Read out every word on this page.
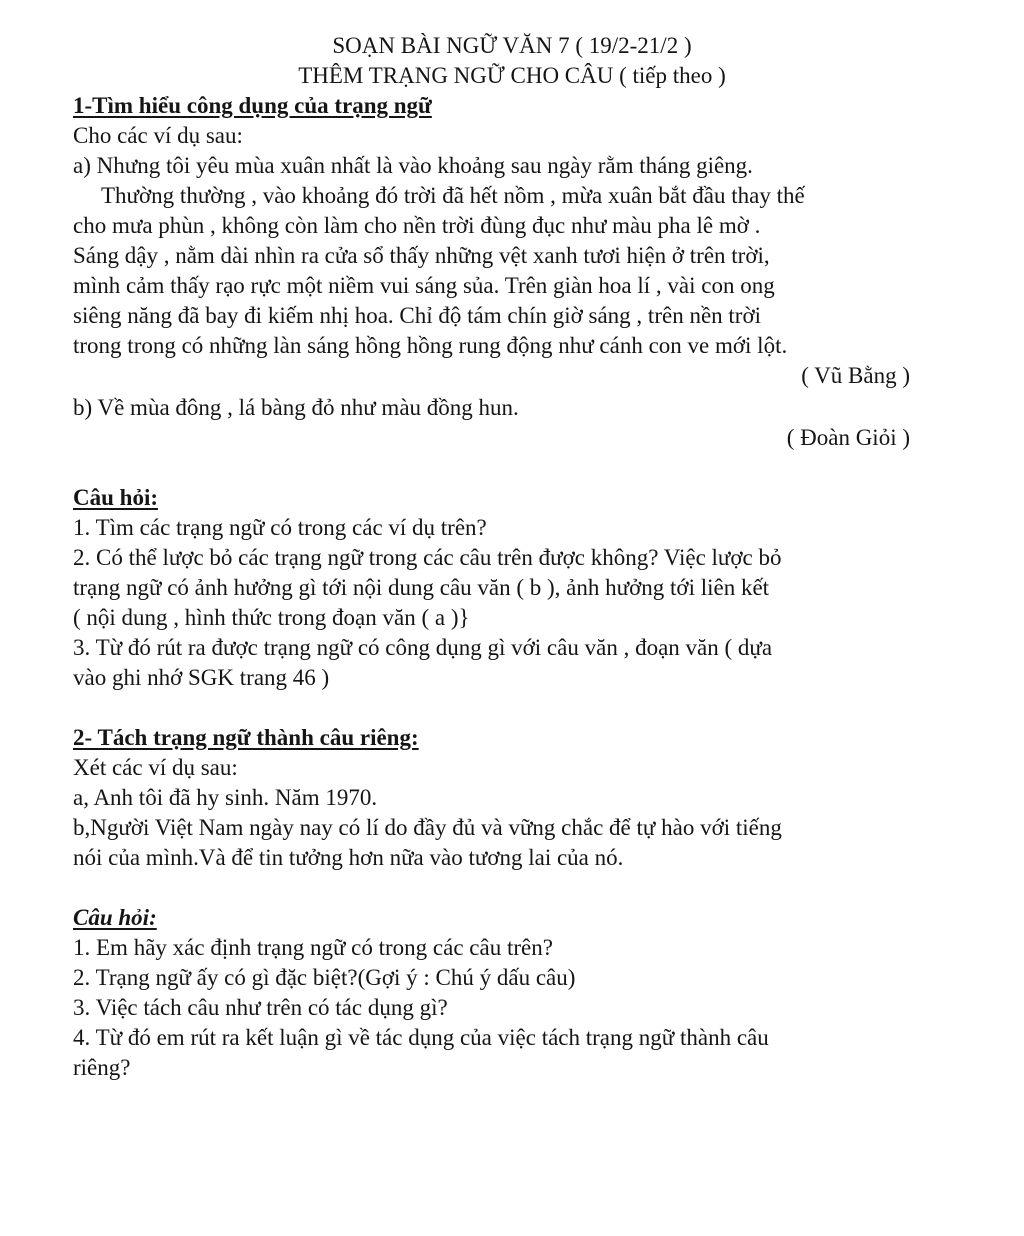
SOẠN BÀI NGỮ VĂN 7 ( 19/2-21/2 )
THÊM TRẠNG NGỮ CHO CÂU ( tiếp theo )
1-Tìm hiểu công dụng của trạng ngữ
Cho các ví dụ sau:
a) Nhưng tôi yêu mùa xuân nhất là vào khoảng sau ngày rằm tháng giêng.
Thường thường , vào khoảng đó trời đã hết nồm , mừa xuân bắt đầu thay thế
cho mưa phùn , không còn làm cho nền trời đùng đục như màu pha lê mờ .
Sáng dậy , nằm dài nhìn ra cửa sổ thấy những vệt xanh tươi hiện ở trên trời,
mình cảm thấy rạo rực một niềm vui sáng sủa. Trên giàn hoa lí , vài con ong
siêng năng đã bay đi kiếm nhị hoa. Chỉ độ tám chín giờ sáng , trên nền trời
trong trong có những làn sáng hồng hồng rung động như cánh con ve mới lột.
( Vũ Bằng )
b) Về mùa đông , lá bàng đỏ như màu đồng hun.
( Đoàn Giỏi )
Câu hỏi:
1. Tìm các trạng ngữ có trong các ví dụ trên?
2. Có thể lược bỏ các trạng ngữ trong các câu trên được không? Việc lược bỏ
trạng ngữ có ảnh hưởng gì tới nội dung câu văn ( b ), ảnh hưởng tới liên kết
( nội dung , hình thức trong đoạn văn ( a )}
3. Từ đó rút ra được trạng ngữ có công dụng gì với câu văn , đoạn văn ( dựa
vào ghi nhớ SGK trang 46 )
2- Tách trạng ngữ thành câu riêng:
Xét các ví dụ sau:
a, Anh tôi đã hy sinh. Năm 1970.
b,Người Việt Nam ngày nay có lí do đầy đủ và vững chắc để tự hào với tiếng
nói của mình.Và để tin tưởng hơn nữa vào tương lai của nó.
Câu hỏi:
1. Em hãy xác định trạng ngữ có trong các câu trên?
2. Trạng ngữ ấy có gì đặc biệt?(Gợi ý : Chú ý dấu câu)
3. Việc tách câu như trên có tác dụng gì?
4. Từ đó em rút ra kết luận gì về tác dụng của việc tách trạng ngữ thành câu
riêng?
